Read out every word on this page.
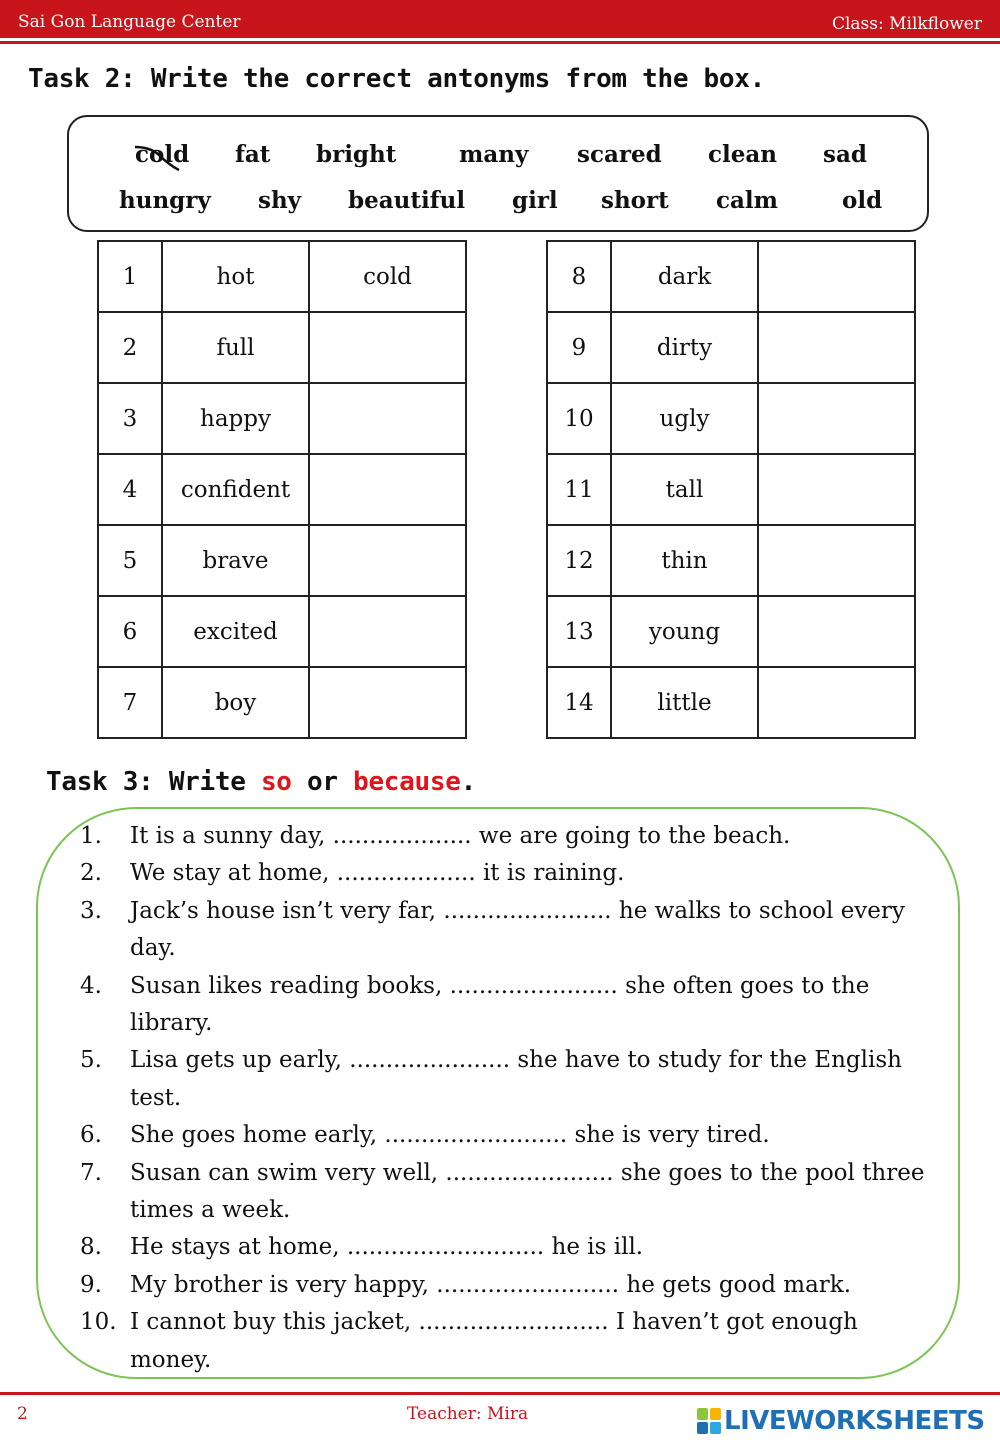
Sai Gon Language Center	Class: Milkflower
Task 2: Write the correct antonyms from the box.
cold fat bright	many scared clean sad
hungry shy beautiful girl short calm	old
1	hot	cold
2	full	
3	happy	
4	confident	
5	brave	
6	excited	
7	boy	
8	dark	
9	dirty	
10	ugly	
11	tall	
12	thin	
13	young	
14	little	
Task 3: Write so or because.
1. It is a sunny day, ................... we are going to the beach.
2. We stay at home, ................... it is raining.
3. Jack’s house isn’t very far, ....................... he walks to school every day.
4. Susan likes reading books, ....................... she often goes to the library.
5. Lisa gets up early, ...................... she have to study for the English test.
6. She goes home early, ......................... she is very tired.
7. Susan can swim very well, ....................... she goes to the pool three times a week.
8. He stays at home, ........................... he is ill.
9. My brother is very happy, ......................... he gets good mark.
10. I cannot buy this jacket, .......................... I haven’t got enough money.
2	Teacher: Mira	LIVEWORKSHEETS
